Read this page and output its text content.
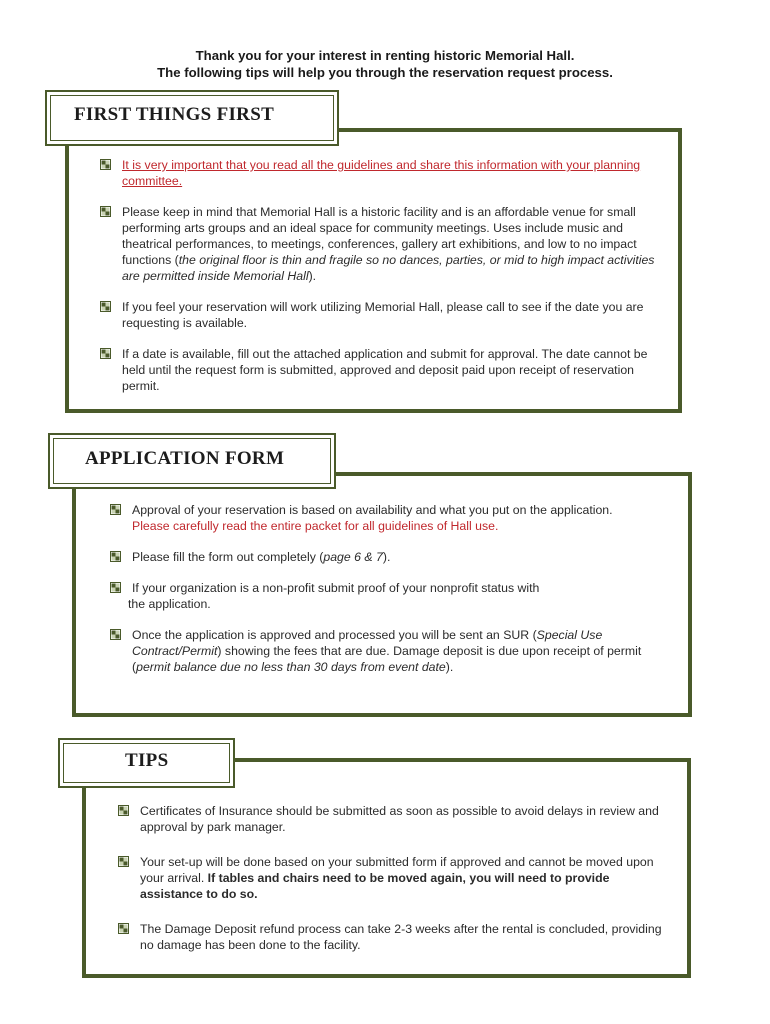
Thank you for your interest in renting historic Memorial Hall.
The following tips will help you through the reservation request process.
FIRST THINGS FIRST
It is very important that you read all the guidelines and share this information with your planning committee.
Please keep in mind that Memorial Hall is a historic facility and is an affordable venue for small performing arts groups and an ideal space for community meetings. Uses include music and theatrical performances, to meetings, conferences, gallery art exhibitions, and low to no impact functions (the original floor is thin and fragile so no dances, parties, or mid to high impact activities are permitted inside Memorial Hall).
If you feel your reservation will work utilizing Memorial Hall, please call to see if the date you are requesting is available.
If a date is available, fill out the attached application and submit for approval. The date cannot be held until the request form is submitted, approved and deposit paid upon receipt of reservation permit.
APPLICATION FORM
Approval of your reservation is based on availability and what you put on the application.
Please carefully read the entire packet for all guidelines of Hall use.
Please fill the form out completely (page 6 & 7).
If your organization is a non-profit submit proof of your nonprofit status with
the application.
Once the application is approved and processed you will be sent an SUR (Special Use Contract/Permit) showing the fees that are due. Damage deposit is due upon receipt of permit (permit balance due no less than 30 days from event date).
TIPS
Certificates of Insurance should be submitted as soon as possible to avoid delays in review and approval by park manager.
Your set-up will be done based on your submitted form if approved and cannot be moved upon your arrival. If tables and chairs need to be moved again, you will need to provide assistance to do so.
The Damage Deposit refund process can take 2-3 weeks after the rental is concluded, providing no damage has been done to the facility.
